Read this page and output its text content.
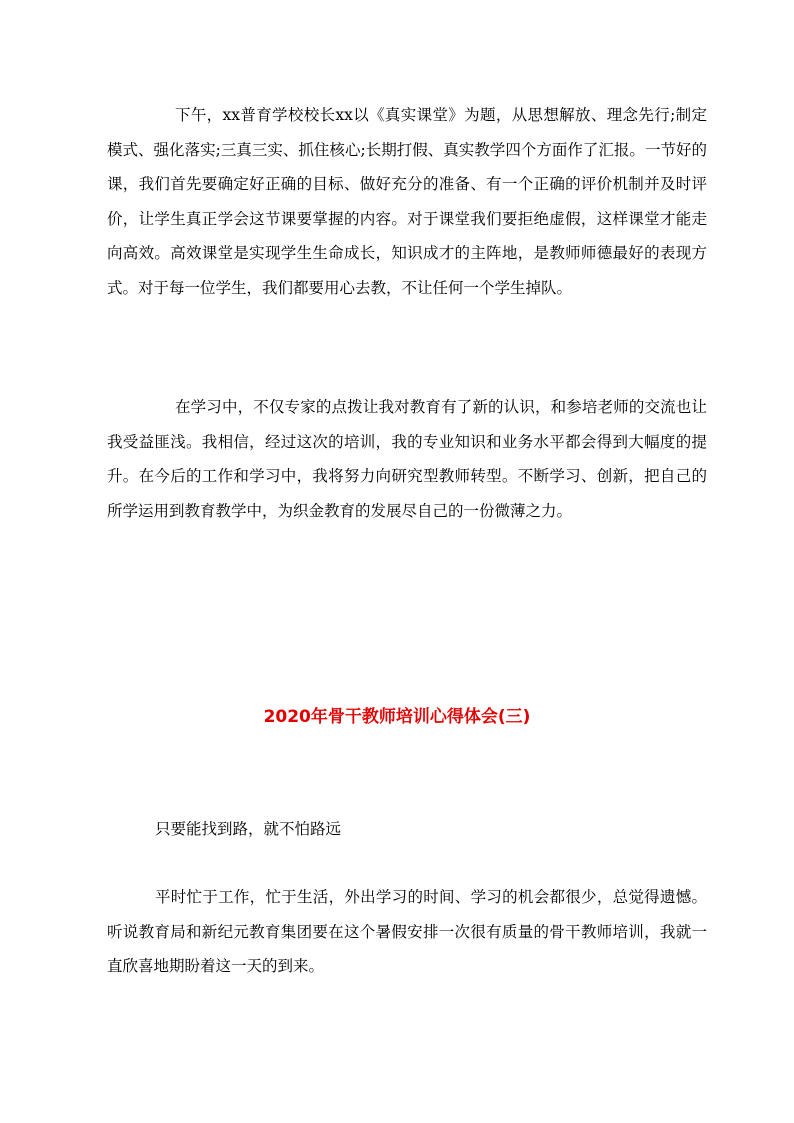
下午，xx普育学校校长xx以《真实课堂》为题，从思想解放、理念先行;制定模式、强化落实;三真三实、抓住核心;长期打假、真实教学四个方面作了汇报。一节好的课，我们首先要确定好正确的目标、做好充分的准备、有一个正确的评价机制并及时评价，让学生真正学会这节课要掌握的内容。对于课堂我们要拒绝虚假，这样课堂才能走向高效。高效课堂是实现学生生命成长，知识成才的主阵地，是教师师德最好的表现方式。对于每一位学生，我们都要用心去教，不让任何一个学生掉队。

在学习中，不仅专家的点拨让我对教育有了新的认识，和参培老师的交流也让我受益匪浅。我相信，经过这次的培训，我的专业知识和业务水平都会得到大幅度的提升。在今后的工作和学习中，我将努力向研究型教师转型。不断学习、创新，把自己的所学运用到教育教学中，为织金教育的发展尽自己的一份微薄之力。

2020年骨干教师培训心得体会(三)

只要能找到路，就不怕路远

平时忙于工作，忙于生活，外出学习的时间、学习的机会都很少，总觉得遗憾。听说教育局和新纪元教育集团要在这个暑假安排一次很有质量的骨干教师培训，我就一直欣喜地期盼着这一天的到来。
